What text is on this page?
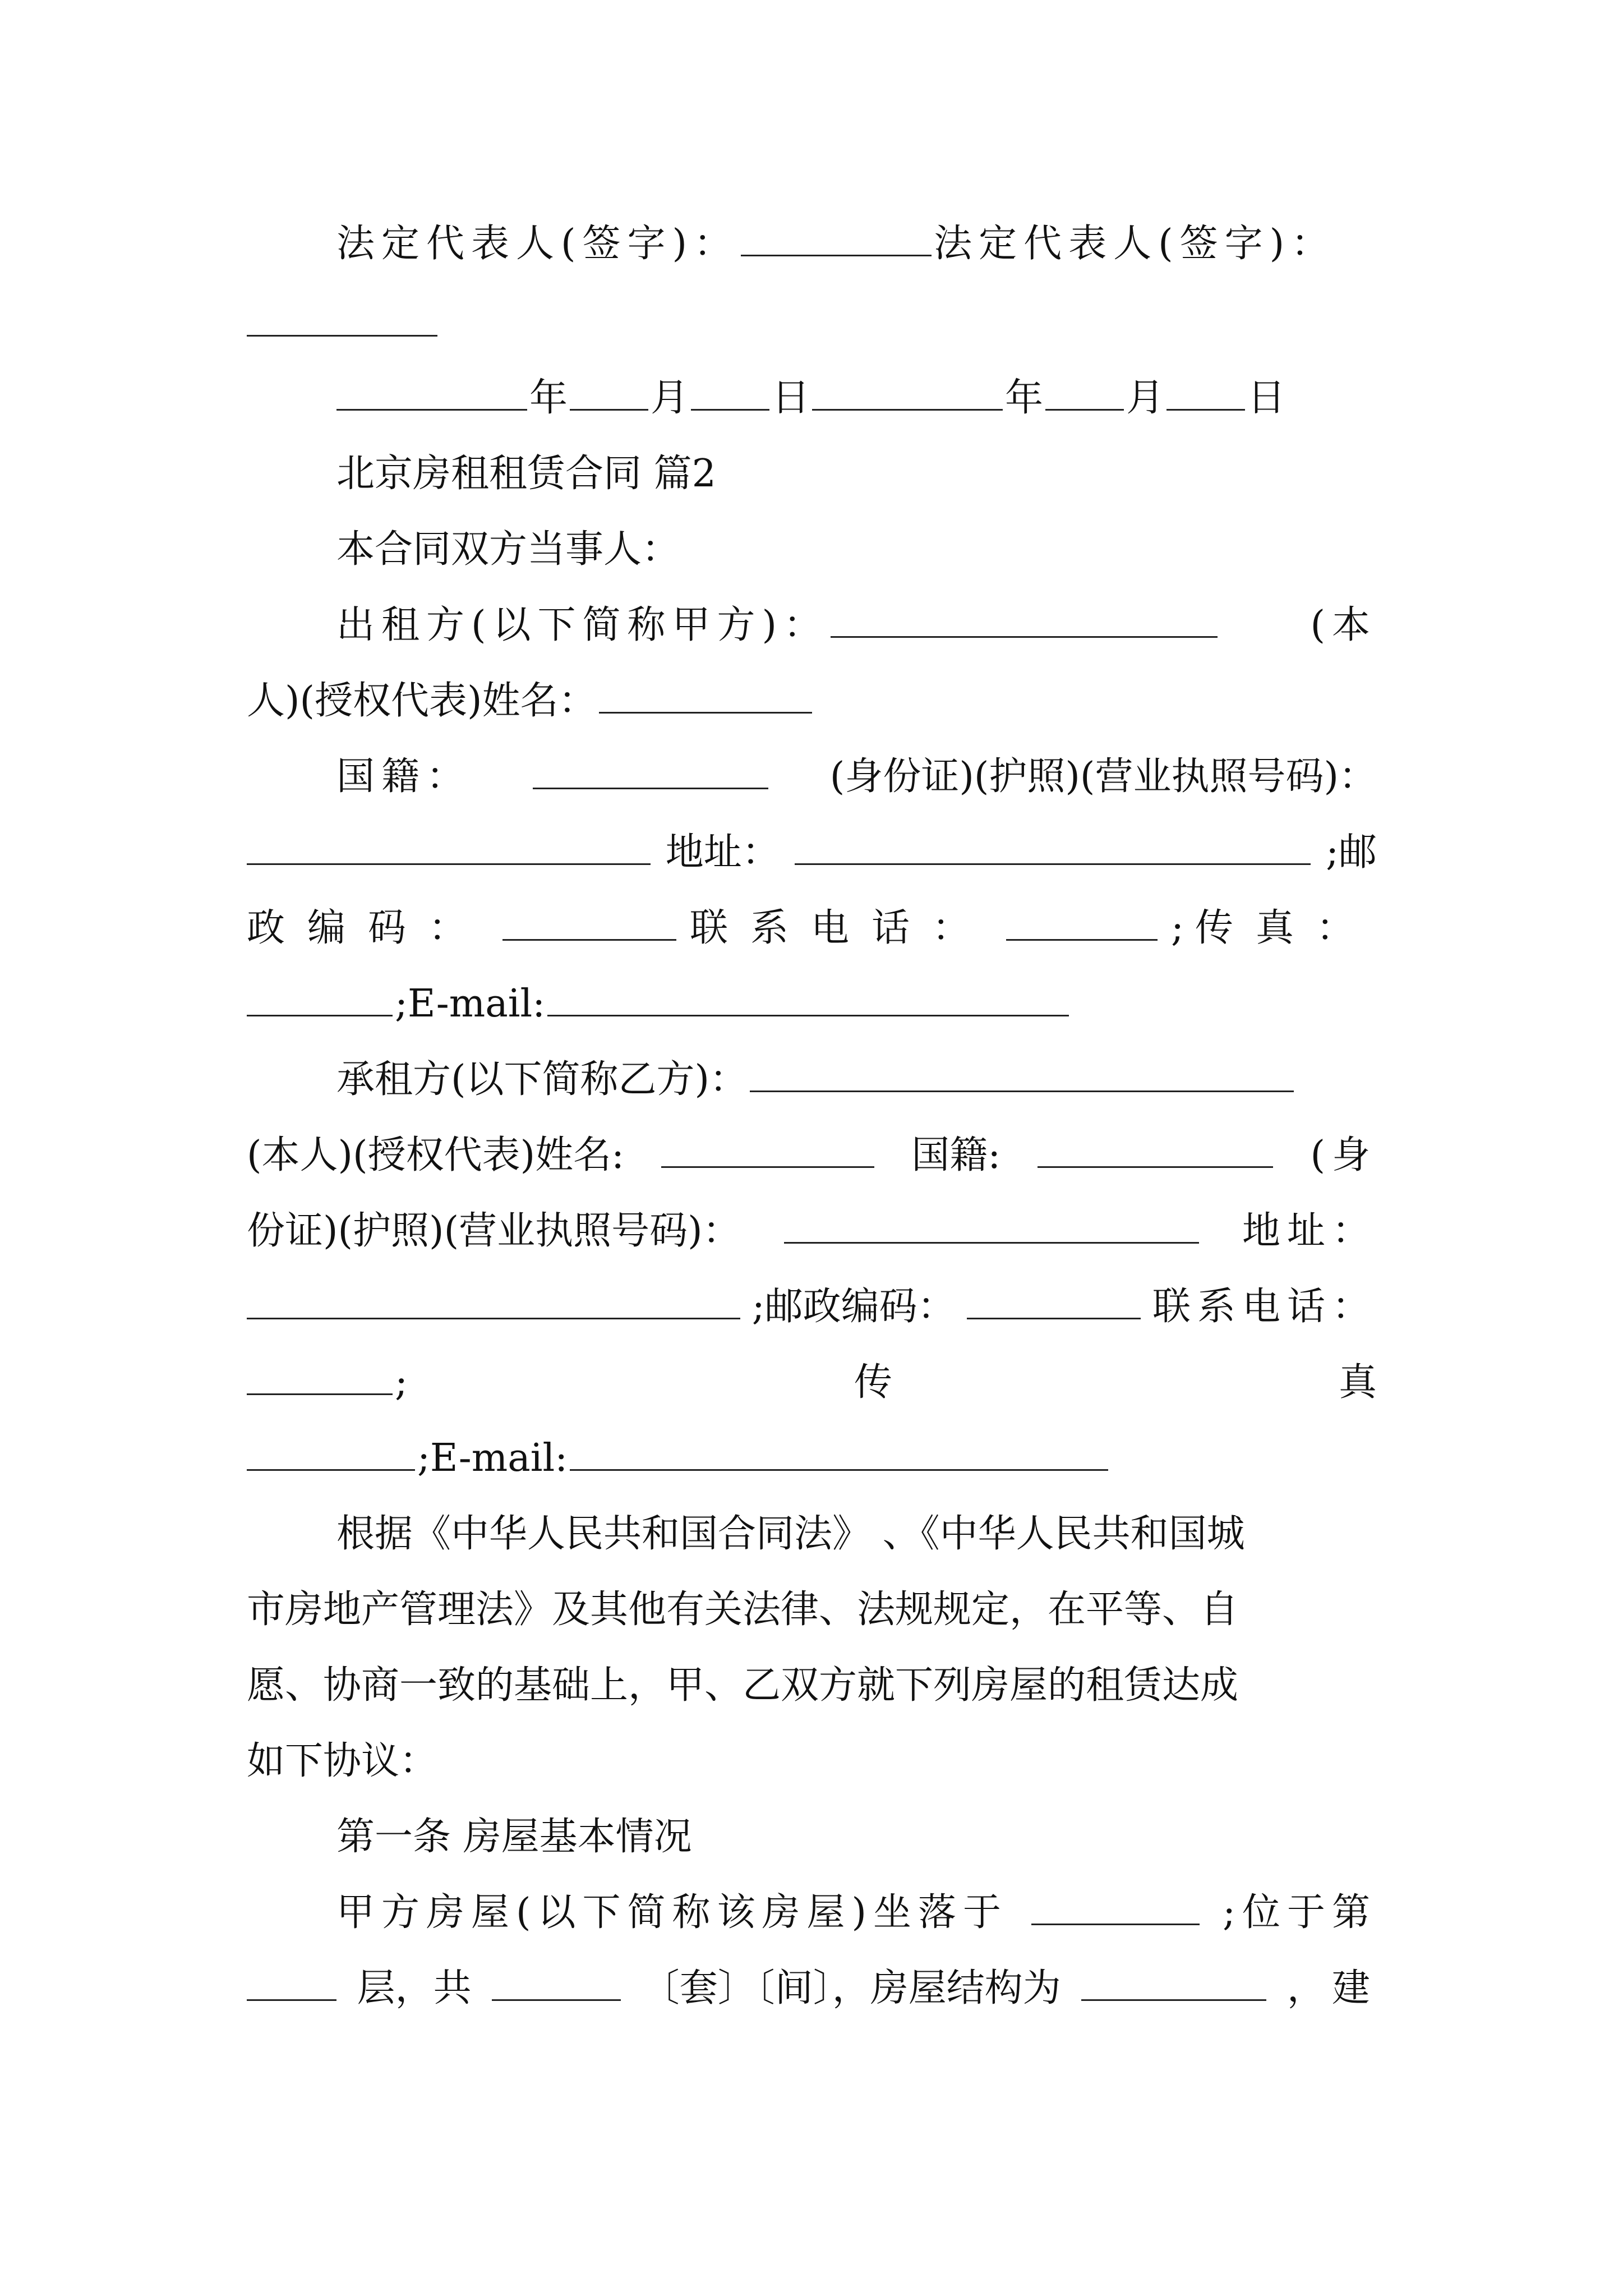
法定代表人(签字)：	法定代表人(签字)：
年 月 日	年 月 日
北京房租租赁合同 篇2
本合同双方当事人：
出租方(以下简称甲方)：	(本
人)(授权代表)姓名：
国籍：	(身份证)(护照)(营业执照号码)：
地址：	;邮
政编码：	联系电话：	; 传真：
;E-mail:
承租方(以下简称乙方)：
(本人)(授权代表)姓名:	国籍:	(身
份证)(护照)(营业执照号码)：	地址：
;邮政编码：	联系电话：
;	传	真
;E-mail:
根据《中华人民共和国合同法》 、《中华人民共和国城
市房地产管理法》及其他有关法律、法规规定，在平等、自
愿、协商一致的基础上，甲、乙双方就下列房屋的租赁达成
如下协议：
第一条 房屋基本情况
甲方房屋(以下简称该房屋)坐落于	;位于第
层，共	〔套〕〔间〕，房屋结构为	，建
